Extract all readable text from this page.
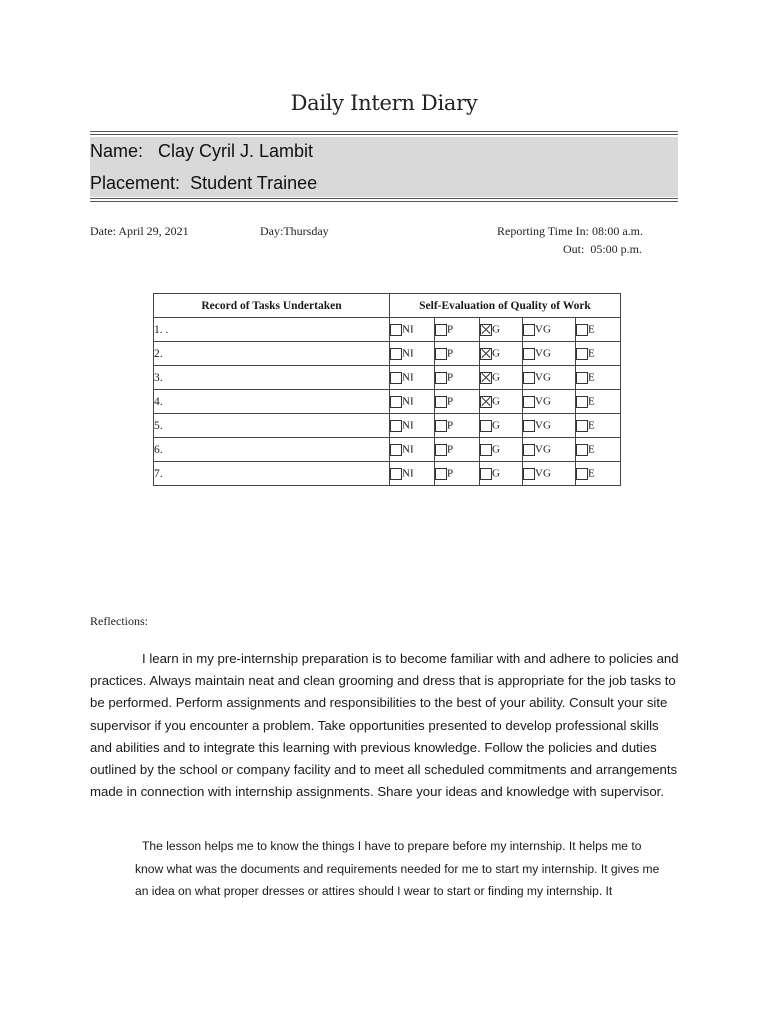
Daily Intern Diary
Name: Clay Cyril J. Lambit
Placement: Student Trainee
Date: April 29, 2021	Day:Thursday	Reporting Time In: 08:00 a.m.
Out:  05:00 p.m.
Record of Tasks Undertaken	Self-Evaluation of Quality of Work				
1. .	NI	P	G	VG	E
2.	NI	P	G	VG	E
3.	NI	P	G	VG	E
4.	NI	P	G	VG	E
5.	NI	P	G	VG	E
6.	NI	P	G	VG	E
7.	NI	P	G	VG	E
Reflections:

I learn in my pre-internship preparation is to become familiar with and adhere to policies and practices. Always maintain neat and clean grooming and dress that is appropriate for the job tasks to be performed. Perform assignments and responsibilities to the best of your ability. Consult your site supervisor if you encounter a problem. Take opportunities presented to develop professional skills and abilities and to integrate this learning with previous knowledge. Follow the policies and duties outlined by the school or company facility and to meet all scheduled commitments and arrangements made in connection with internship assignments. Share your ideas and knowledge with supervisor.

The lesson helps me to know the things I have to prepare before my internship. It helps me to know what was the documents and requirements needed for me to start my internship. It gives me an idea on what proper dresses or attires should I wear to start or finding my internship. It
